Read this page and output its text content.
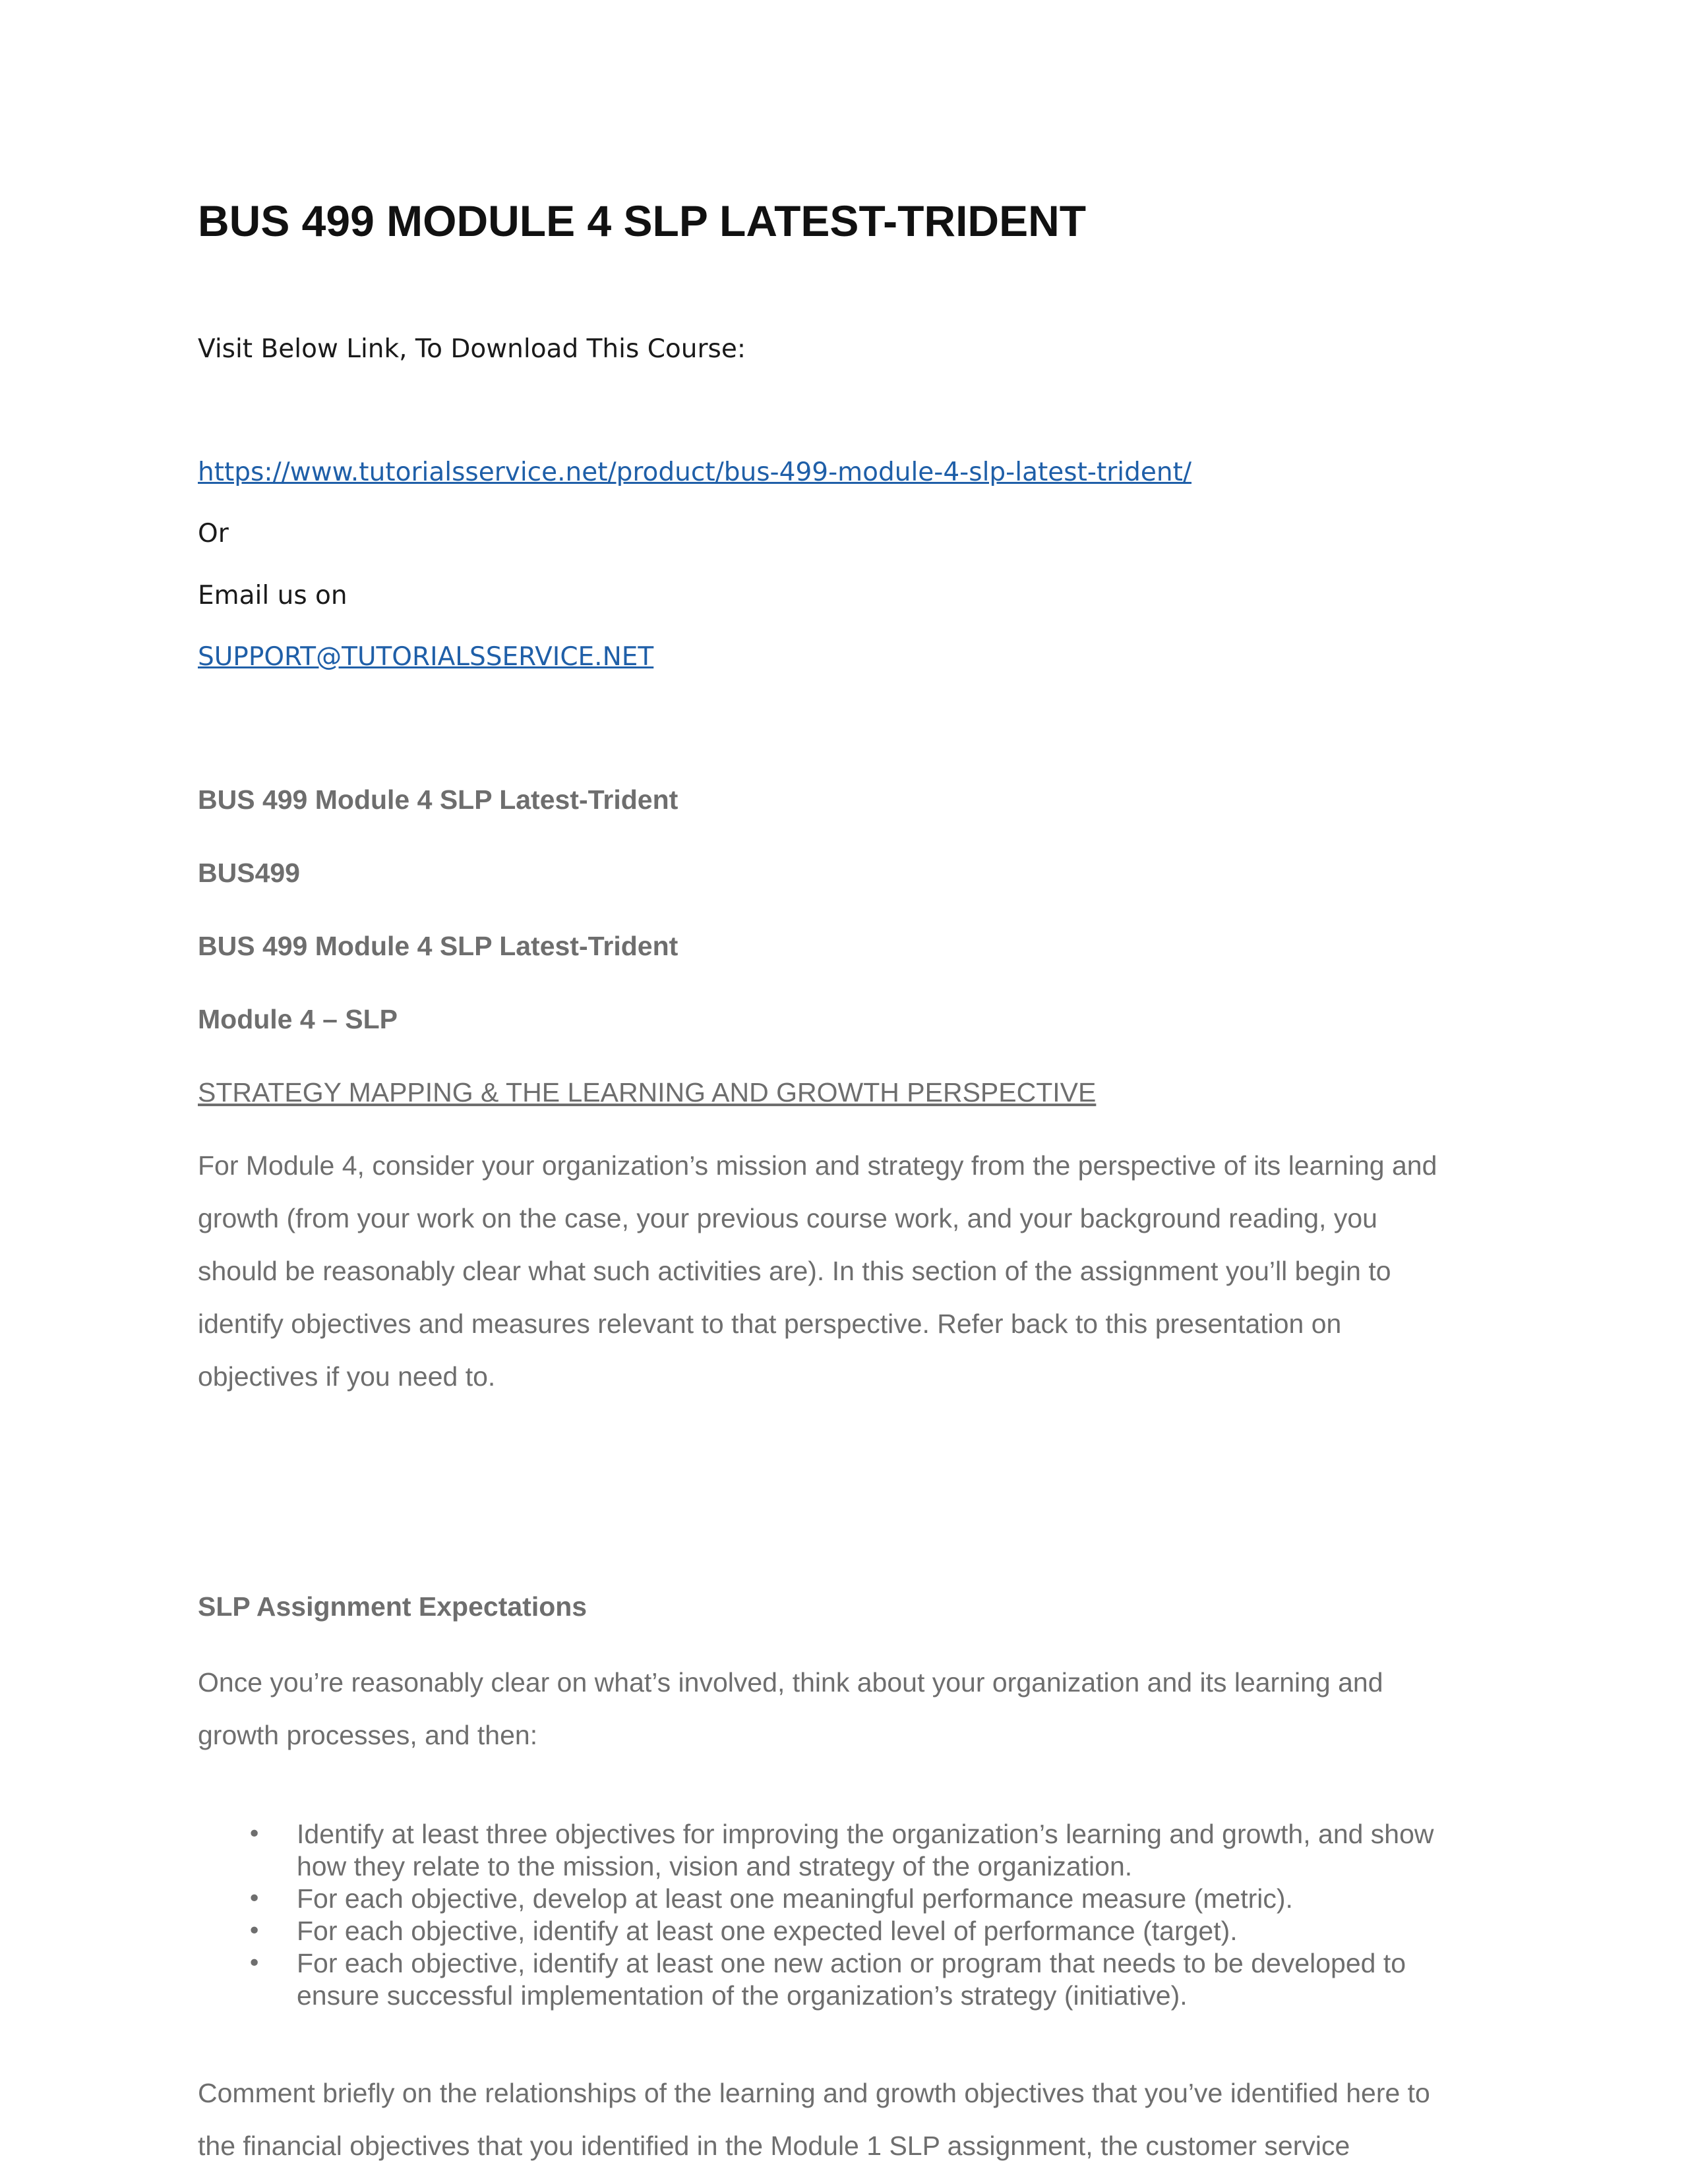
BUS 499 MODULE 4 SLP LATEST-TRIDENT
Visit Below Link, To Download This Course:
https://www.tutorialsservice.net/product/bus-499-module-4-slp-latest-trident/
Or
Email us on
SUPPORT@TUTORIALSSERVICE.NET
BUS 499 Module 4 SLP Latest-Trident
BUS499
BUS 499 Module 4 SLP Latest-Trident
Module 4 – SLP
STRATEGY MAPPING & THE LEARNING AND GROWTH PERSPECTIVE
For Module 4, consider your organization’s mission and strategy from the perspective of its learning and
growth (from your work on the case, your previous course work, and your background reading, you
should be reasonably clear what such activities are). In this section of the assignment you’ll begin to
identify objectives and measures relevant to that perspective. Refer back to this presentation on
objectives if you need to.
SLP Assignment Expectations
Once you’re reasonably clear on what’s involved, think about your organization and its learning and
growth processes, and then:
• Identify at least three objectives for improving the organization’s learning and growth, and show
how they relate to the mission, vision and strategy of the organization.
• For each objective, develop at least one meaningful performance measure (metric).
• For each objective, identify at least one expected level of performance (target).
• For each objective, identify at least one new action or program that needs to be developed to
ensure successful implementation of the organization’s strategy (initiative).
Comment briefly on the relationships of the learning and growth objectives that you’ve identified here to
the financial objectives that you identified in the Module 1 SLP assignment, the customer service
